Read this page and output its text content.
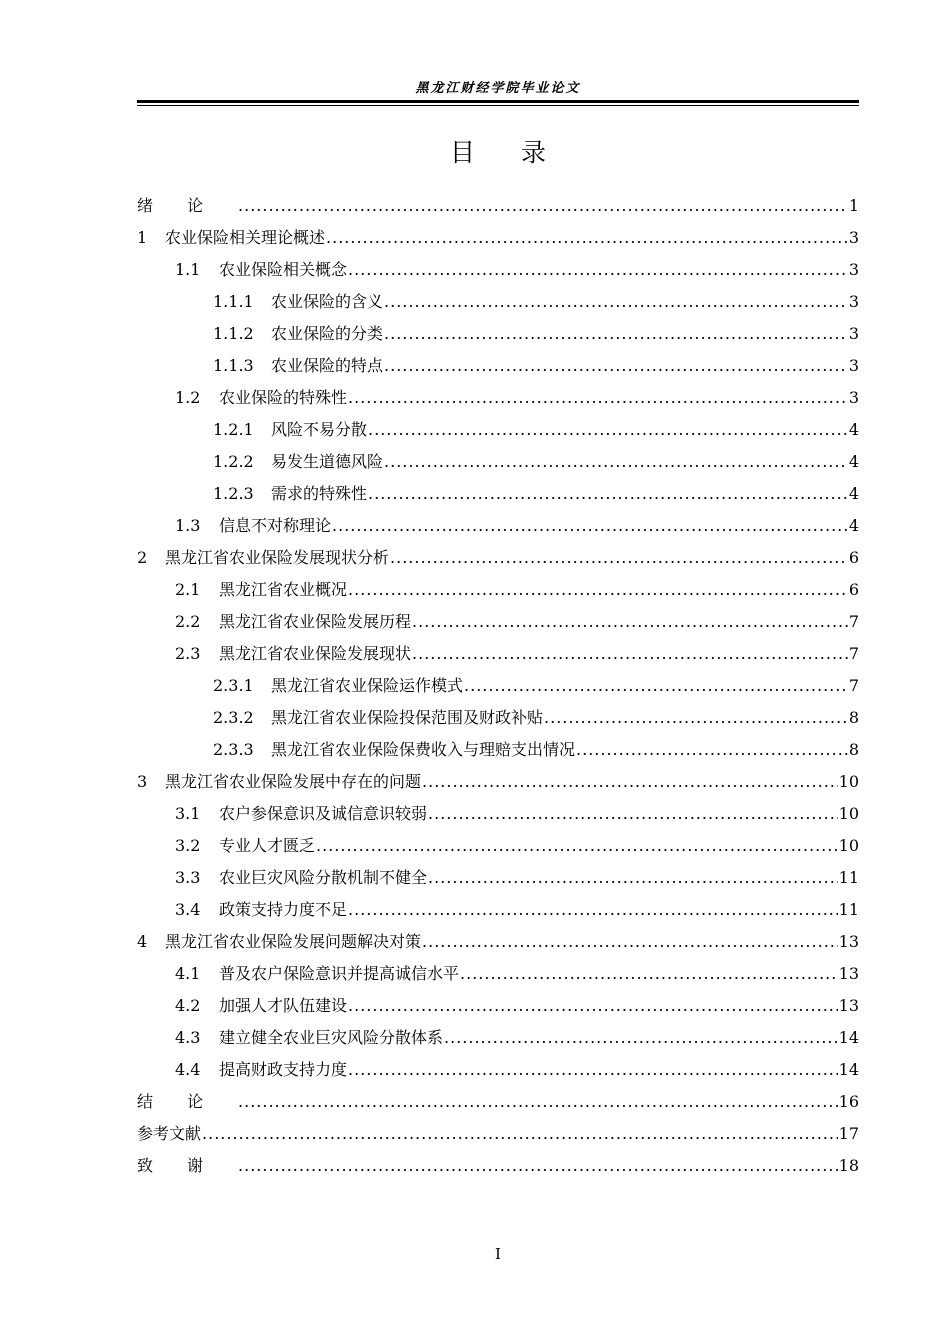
黑龙江财经学院毕业论文
目录
绪论 .....	1
1	农业保险相关理论概述 .....	3
1.1	农业保险相关概念 .....	3
1.1.1	农业保险的含义 .....	3
1.1.2	农业保险的分类 .....	3
1.1.3	农业保险的特点 .....	3
1.2	农业保险的特殊性 .....	3
1.2.1	风险不易分散 .....	4
1.2.2	易发生道德风险 .....	4
1.2.3	需求的特殊性 .....	4
1.3	信息不对称理论 .....	4
2	黑龙江省农业保险发展现状分析 .....	6
2.1	黑龙江省农业概况 .....	6
2.2	黑龙江省农业保险发展历程 .....	7
2.3	黑龙江省农业保险发展现状 .....	7
2.3.1	黑龙江省农业保险运作模式 .....	7
2.3.2	黑龙江省农业保险投保范围及财政补贴 .....	8
2.3.3	黑龙江省农业保险保费收入与理赔支出情况 .....	8
3	黑龙江省农业保险发展中存在的问题 .....	10
3.1	农户参保意识及诚信意识较弱 .....	10
3.2	专业人才匮乏 .....	10
3.3	农业巨灾风险分散机制不健全 .....	11
3.4	政策支持力度不足 .....	11
4	黑龙江省农业保险发展问题解决对策 .....	13
4.1	普及农户保险意识并提高诚信水平 .....	13
4.2	加强人才队伍建设 .....	13
4.3	建立健全农业巨灾风险分散体系 .....	14
4.4	提高财政支持力度 .....	14
结论 .....	16
参考文献 .....	17
致谢 .....	18
I
